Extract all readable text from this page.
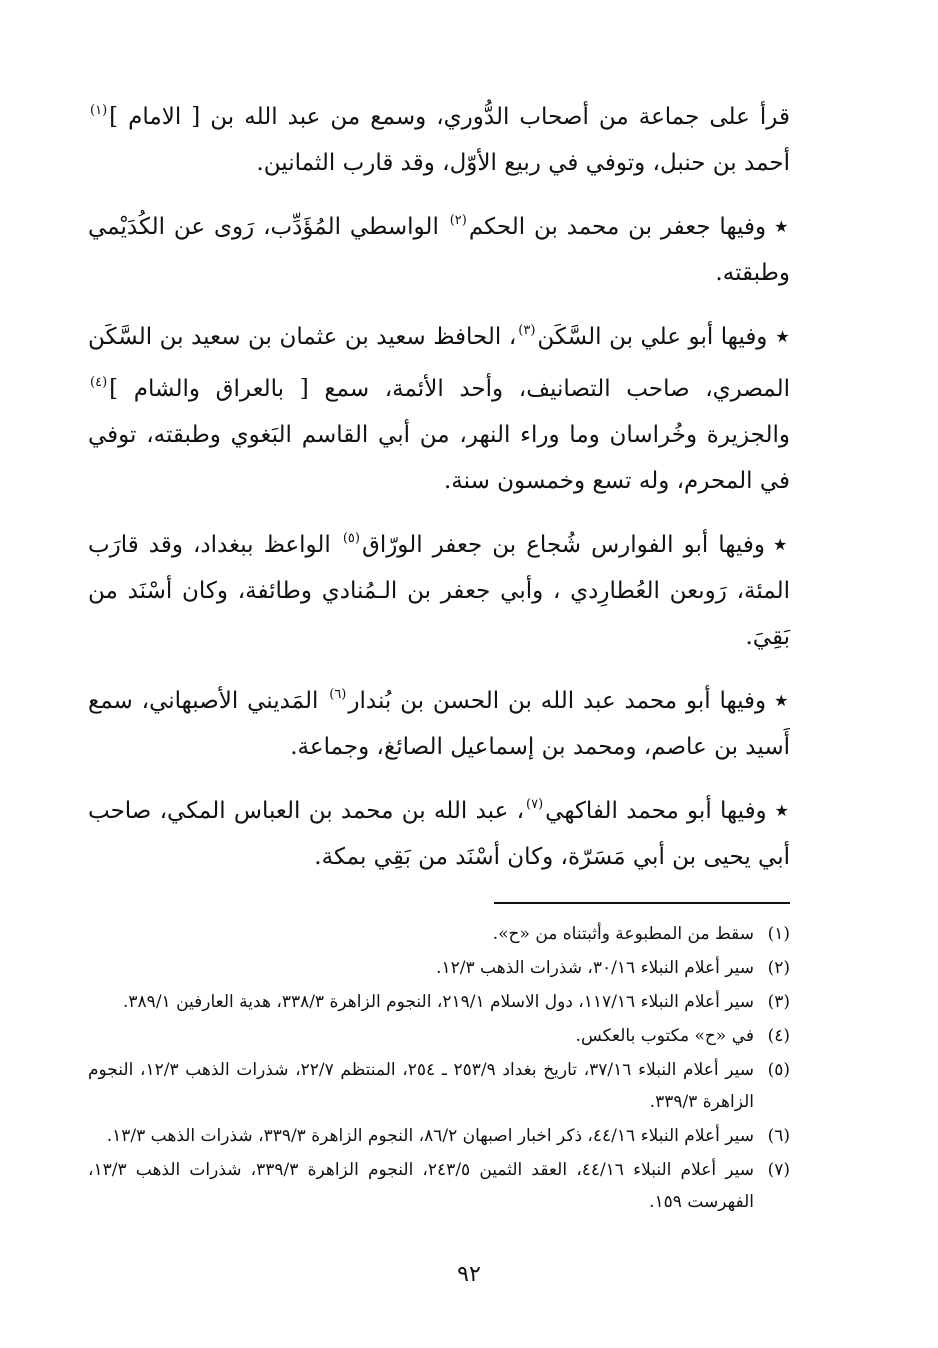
قرأ على جماعة من أصحاب الدُّوري، وسمع من عبد الله بن [ الامام ]$^{(١)}$ أحمد بن حنبل، وتوفي في ربيع الأوّل، وقد قارب الثمانين.

★وفيها جعفر بن محمد بن الحكم$^{(٢)}$ الواسطي المُؤَدِّب، رَوى عن الكُدَيْمي وطبقته.

★وفيها أبو علي بن السَّكَن$^{(٣)}$، الحافظ سعيد بن عثمان بن سعيد بن السَّكَن المصري، صاحب التصانيف، وأحد الأئمة، سمع [ بالعراق والشام ]$^{(٤)}$ والجزيرة وخُراسان وما وراء النهر، من أبي القاسم البَغوي وطبقته، توفي في المحرم، وله تسع وخمسون سنة.

★وفيها أبو الفوارس شُجاع بن جعفر الورّاق$^{(٥)}$ الواعظ ببغداد، وقد قارَب المئة، رَوىعن العُطارِدي ، وأبي جعفر بن الـمُنادي وطائفة، وكان أسْنَد من بَقِيَ.

★وفيها أبو محمد عبد الله بن الحسن بن بُندار$^{(٦)}$ المَديني الأصبهاني، سمع أَسيد بن عاصم، ومحمد بن إسماعيل الصائغ، وجماعة.

★وفيها أبو محمد الفاكهي$^{(٧)}$، عبد الله بن محمد بن العباس المكي، صاحب أبي يحيى بن أبي مَسَرّة، وكان أسْنَد من بَقِي بمكة.

(١)
سقط من المطبوعة وأثبتناه من «ح».
(٢)
سير أعلام النبلاء ٣٠/١٦، شذرات الذهب ١٢/٣.
(٣)
سير أعلام النبلاء ١١٧/١٦، دول الاسلام ٢١٩/١، النجوم الزاهرة ٣٣٨/٣، هدية العارفين ٣٨٩/١.
(٤)
في «ح» مكتوب بالعكس.
(٥)
سير أعلام النبلاء ٣٧/١٦، تاريخ بغداد ٢٥٣/٩ ـ ٢٥٤، المنتظم ٢٢/٧، شذرات الذهب ١٢/٣، النجوم الزاهرة ٣٣٩/٣.
(٦)
سير أعلام النبلاء ٤٤/١٦، ذكر اخبار اصبهان ٨٦/٢، النجوم الزاهرة ٣٣٩/٣، شذرات الذهب ١٣/٣.
(٧)
سير أعلام النبلاء ٤٤/١٦، العقد الثمين ٢٤٣/٥، النجوم الزاهرة ٣٣٩/٣، شذرات الذهب ١٣/٣، الفهرست ١٥٩.
٩٢
